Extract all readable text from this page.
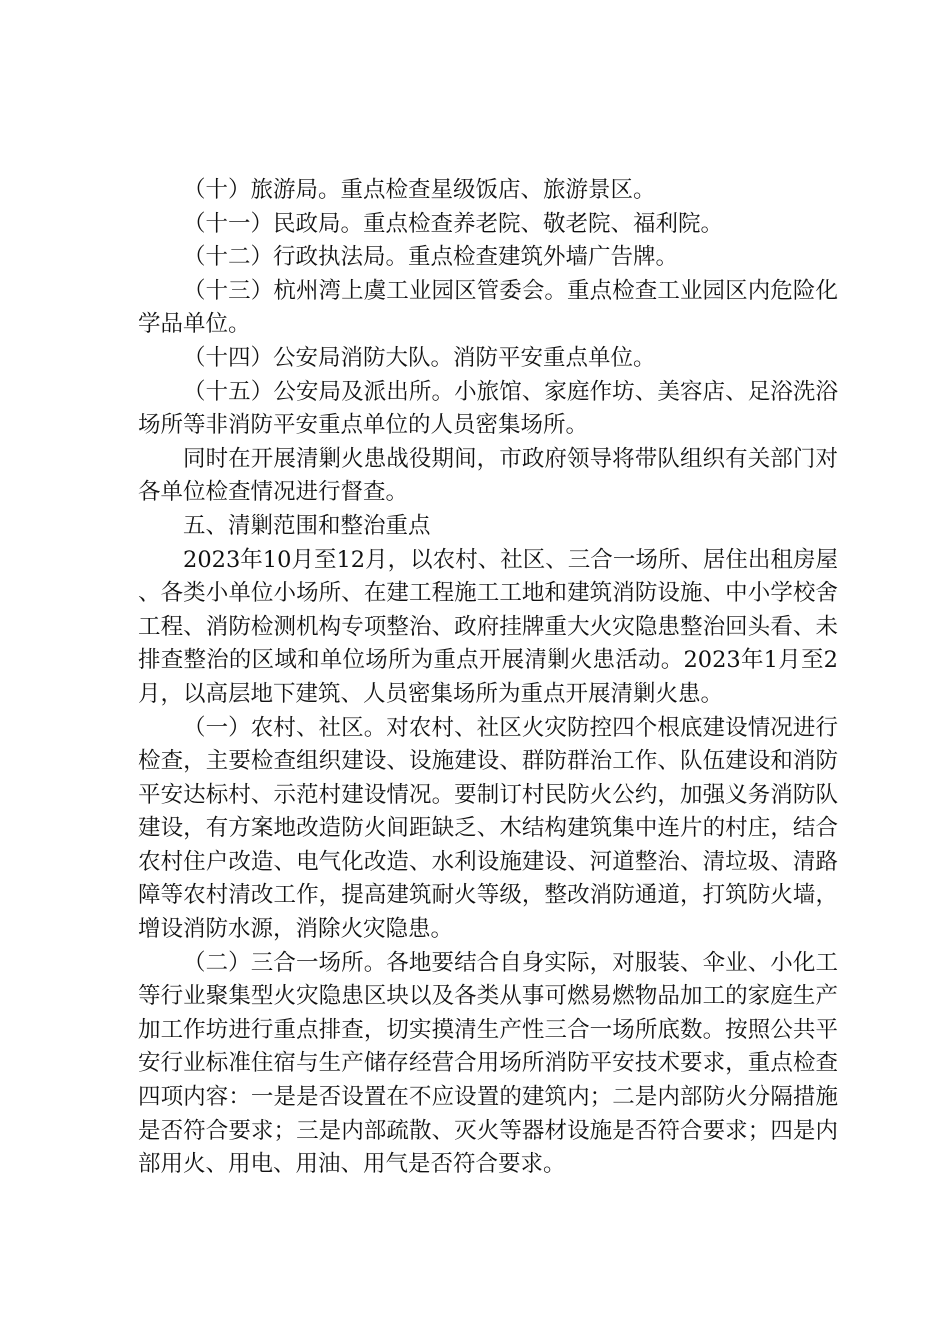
（十）旅游局。重点检查星级饭店、旅游景区。

（十一）民政局。重点检查养老院、敬老院、福利院。

（十二）行政执法局。重点检查建筑外墙广告牌。

（十三）杭州湾上虞工业园区管委会。重点检查工业园区内危险化学品单位。

（十四）公安局消防大队。消防平安重点单位。

（十五）公安局及派出所。小旅馆、家庭作坊、美容店、足浴洗浴场所等非消防平安重点单位的人员密集场所。

同时在开展清剿火患战役期间，市政府领导将带队组织有关部门对各单位检查情况进行督查。

五、清剿范围和整治重点

2023年10月至12月，以农村、社区、三合一场所、居住出租房屋、各类小单位小场所、在建工程施工工地和建筑消防设施、中小学校舍工程、消防检测机构专项整治、政府挂牌重大火灾隐患整治回头看、未排查整治的区域和单位场所为重点开展清剿火患活动。2023年1月至2月，以高层地下建筑、人员密集场所为重点开展清剿火患。

（一）农村、社区。对农村、社区火灾防控四个根底建设情况进行检查，主要检查组织建设、设施建设、群防群治工作、队伍建设和消防平安达标村、示范村建设情况。要制订村民防火公约，加强义务消防队建设，有方案地改造防火间距缺乏、木结构建筑集中连片的村庄，结合农村住户改造、电气化改造、水利设施建设、河道整治、清垃圾、清路障等农村清改工作，提高建筑耐火等级，整改消防通道，打筑防火墙，增设消防水源，消除火灾隐患。

（二）三合一场所。各地要结合自身实际，对服装、伞业、小化工等行业聚集型火灾隐患区块以及各类从事可燃易燃物品加工的家庭生产加工作坊进行重点排查，切实摸清生产性三合一场所底数。按照公共平安行业标准住宿与生产储存经营合用场所消防平安技术要求，重点检查四项内容：一是是否设置在不应设置的建筑内；二是内部防火分隔措施是否符合要求；三是内部疏散、灭火等器材设施是否符合要求；四是内部用火、用电、用油、用气是否符合要求。
